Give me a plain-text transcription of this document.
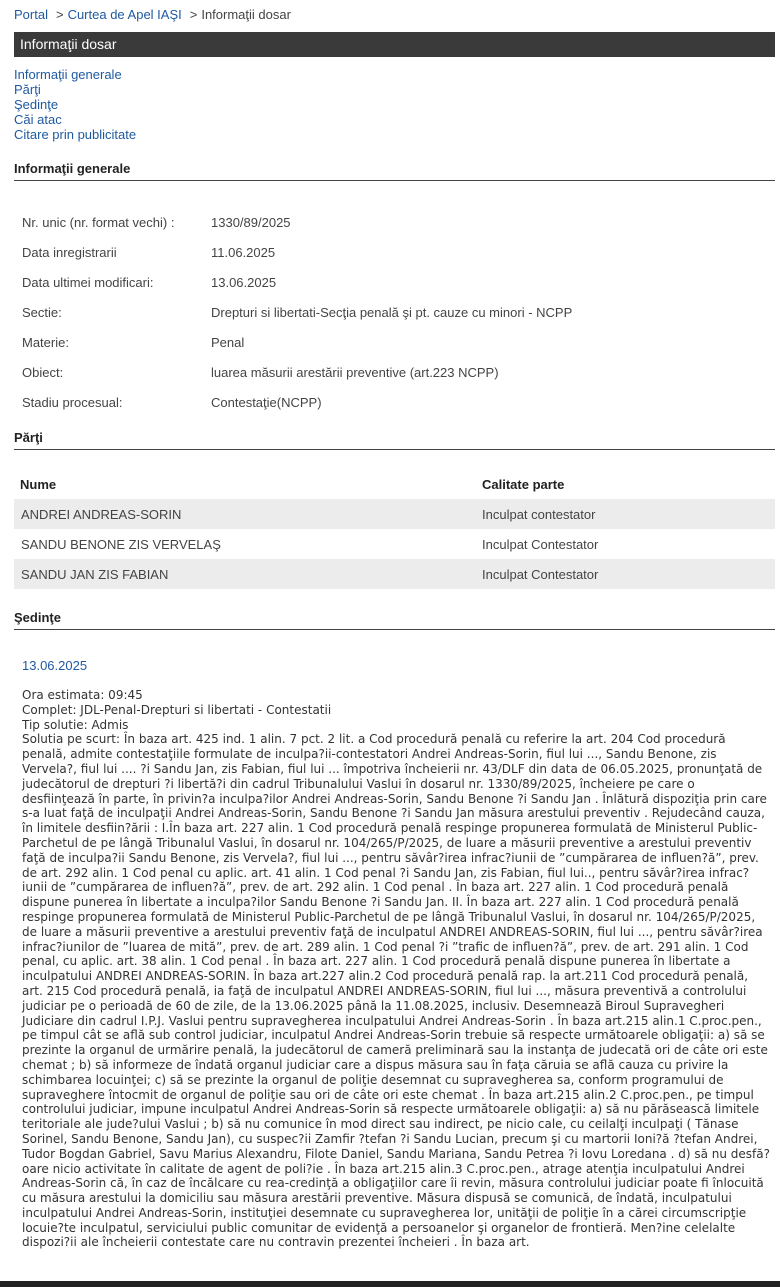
Portal > Curtea de Apel IAŞI > Informaţii dosar
Informaţii dosar
Informaţii generale
Părţi
Şedinţe
Căi atac
Citare prin publicitate
Informaţii generale
Nr. unic (nr. format vechi) :	1330/89/2025
Data inregistrarii	11.06.2025
Data ultimei modificari:	13.06.2025
Sectie:	Drepturi si libertati-Secţia penală şi pt. cauze cu minori - NCPP
Materie:	Penal
Obiect:	luarea măsurii arestării preventive (art.223 NCPP)
Stadiu procesual:	Contestaţie(NCPP)
Părţi
Nume	Calitate parte
ANDREI ANDREAS-SORIN	Inculpat contestator
SANDU BENONE ZIS VERVELAŞ	Inculpat Contestator
SANDU JAN ZIS FABIAN	Inculpat Contestator
Şedinţe
13.06.2025
Ora estimata: 09:45
Complet: JDL-Penal-Drepturi si libertati - Contestatii
Tip solutie: Admis
Solutia pe scurt: În baza art. 425 ind. 1 alin. 7 pct. 2 lit. a Cod procedură penală cu referire la art. 204 Cod procedură penală, admite contestaţiile formulate de inculpa?ii-contestatori Andrei Andreas-Sorin, fiul lui ..., Sandu Benone, zis Vervela?, fiul lui .... ?i Sandu Jan, zis Fabian, fiul lui ... împotriva încheierii nr. 43/DLF din data de 06.05.2025, pronunţată de judecătorul de drepturi ?i libertă?i din cadrul Tribunalului Vaslui în dosarul nr. 1330/89/2025, încheiere pe care o desfiinţează în parte, în privin?a inculpa?ilor Andrei Andreas-Sorin, Sandu Benone ?i Sandu Jan . Înlătură dispoziţia prin care s-a luat faţă de inculpaţii Andrei Andreas-Sorin, Sandu Benone ?i Sandu Jan măsura arestului preventiv . Rejudecând cauza, în limitele desfiin?ării : I.În baza art. 227 alin. 1 Cod procedură penală respinge propunerea formulată de Ministerul Public-Parchetul de pe lângă Tribunalul Vaslui, în dosarul nr. 104/265/P/2025, de luare a măsurii preventive a arestului preventiv faţă de inculpa?ii Sandu Benone, zis Vervela?, fiul lui ..., pentru săvâr?irea infrac?iunii de ”cumpărarea de influen?ă”, prev. de art. 292 alin. 1 Cod penal cu aplic. art. 41 alin. 1 Cod penal ?i Sandu Jan, zis Fabian, fiul lui.., pentru săvâr?irea infrac?iunii de ”cumpărarea de influen?ă”, prev. de art. 292 alin. 1 Cod penal . În baza art. 227 alin. 1 Cod procedură penală dispune punerea în libertate a inculpa?ilor Sandu Benone ?i Sandu Jan. II. În baza art. 227 alin. 1 Cod procedură penală respinge propunerea formulată de Ministerul Public-Parchetul de pe lângă Tribunalul Vaslui, în dosarul nr. 104/265/P/2025, de luare a măsurii preventive a arestului preventiv faţă de inculpatul ANDREI ANDREAS-SORIN, fiul lui ..., pentru săvâr?irea infrac?iunilor de ”luarea de mită”, prev. de art. 289 alin. 1 Cod penal ?i ”trafic de influen?ă”, prev. de art. 291 alin. 1 Cod penal, cu aplic. art. 38 alin. 1 Cod penal . În baza art. 227 alin. 1 Cod procedură penală dispune punerea în libertate a inculpatului ANDREI ANDREAS-SORIN. În baza art.227 alin.2 Cod procedură penală rap. la art.211 Cod procedură penală, art. 215 Cod procedură penală, ia faţă de inculpatul ANDREI ANDREAS-SORIN, fiul lui ..., măsura preventivă a controlului judiciar pe o perioadă de 60 de zile, de la 13.06.2025 până la 11.08.2025, inclusiv. Desemnează Biroul Supravegheri Judiciare din cadrul I.P.J. Vaslui pentru supravegherea inculpatului Andrei Andreas-Sorin . În baza art.215 alin.1 C.proc.pen., pe timpul cât se află sub control judiciar, inculpatul Andrei Andreas-Sorin trebuie să respecte următoarele obligaţii: a) să se prezinte la organul de urmărire penală, la judecătorul de cameră preliminară sau la instanţa de judecată ori de câte ori este chemat ; b) să informeze de îndată organul judiciar care a dispus măsura sau în faţa căruia se află cauza cu privire la schimbarea locuinţei; c) să se prezinte la organul de poliţie desemnat cu supravegherea sa, conform programului de supraveghere întocmit de organul de poliţie sau ori de câte ori este chemat . În baza art.215 alin.2 C.proc.pen., pe timpul controlului judiciar, impune inculpatul Andrei Andreas-Sorin să respecte următoarele obligaţii: a) să nu părăsească limitele teritoriale ale jude?ului Vaslui ; b) să nu comunice în mod direct sau indirect, pe nicio cale, cu ceilalţi inculpaţi ( Tănase Sorinel, Sandu Benone, Sandu Jan), cu suspec?ii Zamfir ?tefan ?i Sandu Lucian, precum şi cu martorii Ioni?ă ?tefan Andrei, Tudor Bogdan Gabriel, Savu Marius Alexandru, Filote Daniel, Sandu Mariana, Sandu Petrea ?i Iovu Loredana . d) să nu desfă?oare nicio activitate în calitate de agent de poli?ie . În baza art.215 alin.3 C.proc.pen., atrage atenţia inculpatului Andrei Andreas-Sorin că, în caz de încălcare cu rea-credinţă a obligaţiilor care îi revin, măsura controlului judiciar poate fi înlocuită cu măsura arestului la domiciliu sau măsura arestării preventive. Măsura dispusă se comunică, de îndată, inculpatului inculpatului Andrei Andreas-Sorin, instituţiei desemnate cu supravegherea lor, unităţii de poliţie în a cărei circumscripţie locuie?te inculpatul, serviciului public comunitar de evidenţă a persoanelor şi organelor de frontieră. Men?ine celelalte dispozi?ii ale încheierii contestate care nu contravin prezentei încheieri . În baza art.
